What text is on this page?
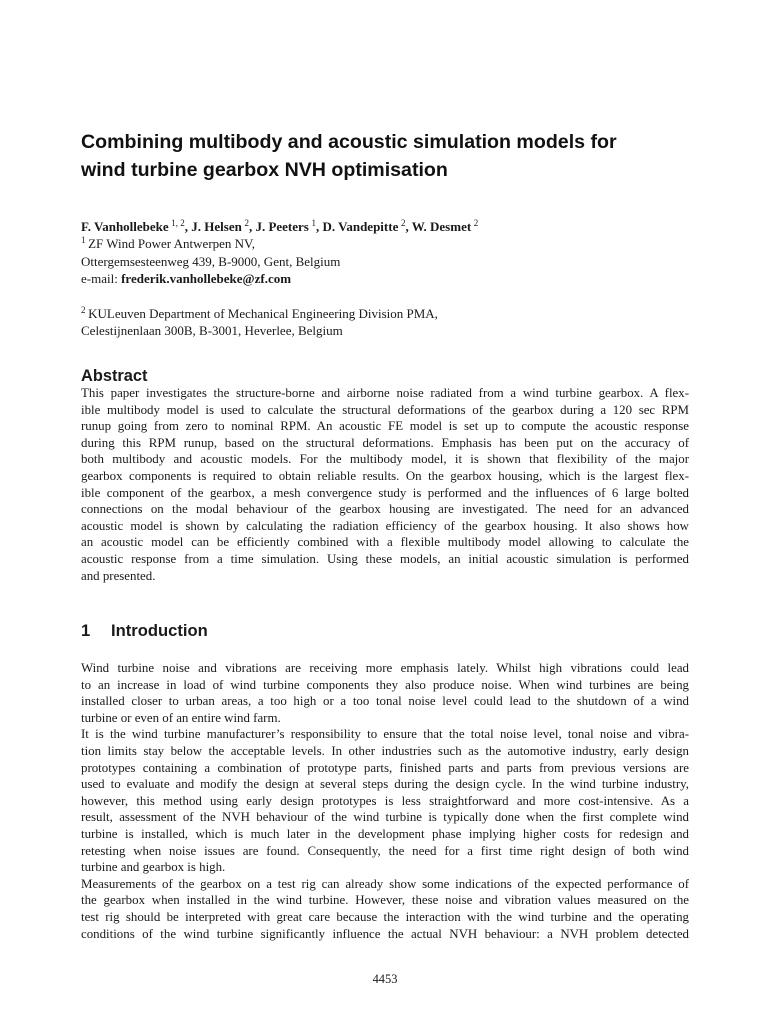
Combining multibody and acoustic simulation models for
wind turbine gearbox NVH optimisation
F. Vanhollebeke  $^{1, 2}$, J. Helsen  $^2$, J. Peeters  $^1$, D. Vandepitte  $^2$, W. Desmet  $^2$
$^1$  ZF Wind Power Antwerpen NV,
Ottergemsesteenweg 439, B-9000, Gent, Belgium
e-mail: frederik.vanhollebeke@zf.com
$^2$  KULeuven Department of Mechanical Engineering Division PMA,
Celestijnenlaan 300B, B-3001, Heverlee, Belgium
Abstract
This paper investigates the structure-borne and airborne noise radiated from a wind turbine gearbox. A flex-
ible multibody model is used to calculate the structural deformations of the gearbox during a 120 sec RPM
runup going from zero to nominal RPM. An acoustic FE model is set up to compute the acoustic response
during this RPM runup, based on the structural deformations. Emphasis has been put on the accuracy of
both multibody and acoustic models. For the multibody model, it is shown that flexibility of the major
gearbox components is required to obtain reliable results. On the gearbox housing, which is the largest flex-
ible component of the gearbox, a mesh convergence study is performed and the influences of 6 large bolted
connections on the modal behaviour of the gearbox housing are investigated. The need for an advanced
acoustic model is shown by calculating the radiation efficiency of the gearbox housing. It also shows how
an acoustic model can be efficiently combined with a flexible multibody model allowing to calculate the
acoustic response from a time simulation. Using these models, an initial acoustic simulation is performed
and presented.
1 Introduction
Wind turbine noise and vibrations are receiving more emphasis lately. Whilst high vibrations could lead
to an increase in load of wind turbine components they also produce noise. When wind turbines are being
installed closer to urban areas, a too high or a too tonal noise level could lead to the shutdown of a wind
turbine or even of an entire wind farm.
It is the wind turbine manufacturer’s responsibility to ensure that the total noise level, tonal noise and vibra-
tion limits stay below the acceptable levels. In other industries such as the automotive industry, early design
prototypes containing a combination of prototype parts, finished parts and parts from previous versions are
used to evaluate and modify the design at several steps during the design cycle. In the wind turbine industry,
however, this method using early design prototypes is less straightforward and more cost-intensive. As a
result, assessment of the NVH behaviour of the wind turbine is typically done when the first complete wind
turbine is installed, which is much later in the development phase implying higher costs for redesign and
retesting when noise issues are found. Consequently, the need for a first time right design of both wind
turbine and gearbox is high.
Measurements of the gearbox on a test rig can already show some indications of the expected performance of
the gearbox when installed in the wind turbine. However, these noise and vibration values measured on the
test rig should be interpreted with great care because the interaction with the wind turbine and the operating
conditions of the wind turbine significantly influence the actual NVH behaviour: a NVH problem detected
4453
